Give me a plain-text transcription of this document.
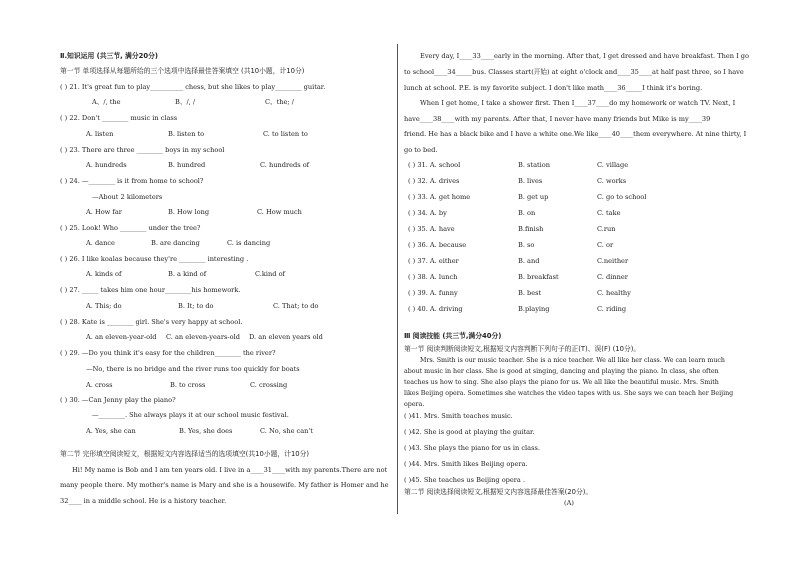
Ⅱ.知识运用 (共三节, 满分20分)
第一节 单项选择从每题所给的三个选项中选择最佳答案填空 (共10小题，计10分)
( ) 21. It's great fun to play__________ chess, but she likes to play________ guitar.
A、/, the	B、/, /	C、the; /
( ) 22. Don't ________ music in class
A. listen	B. listen to	C. to listen to
( ) 23. There are three ________ boys in my school
A. hundreds	B. hundred	C. hundreds of
( ) 24. —________ is it from home to school?
—About 2 kilometers
A. How far	B. How long	C. How much
( ) 25. Look! Who ________ under the tree?
A. dance	B. are dancing	C. is dancing
( ) 26. I like koalas because they're ________ interesting .
A. kinds of	B. a kind of	C.kind of
( ) 27. _____ takes him one hour________his homework.
A. This; do	B. It; to do	C. That; to do
( ) 28. Kate is ________ girl. She's very happy at school.
A. an eleven-year-old C. an eleven-years-old D. an eleven years old
( ) 29. —Do you think it's easy for the children________ the river?
—No, there is no bridge and the river runs too quickly for boats
A. cross	B. to cross	C. crossing
( ) 30. —Can Jenny play the piano?
—________. She always plays it at our school music festival.
A. Yes, she can	B. Yes, she does	C. No, she can't
第二节 完形填空阅读短文，根据短文内容选择适当的选项填空(共10小题，计10分)
Hi! My name is Bob and I am ten years old. I live in a____31____with my parents.There are not
many people there. My mother's name is Mary and she is a housewife. My father is Homer and he
32____ in a middle school. He is a history teacher.
Every day, I____33____early in the morning. After that, I get dressed and have breakfast. Then I go
to school____34_____bus. Classes start(开始) at eight o'clock and____35____at half past three, so I have
lunch at school. P.E. is my favorite subject. I don't like math____36_____I think it's boring.
When I get home, I take a shower first. Then I____37____do my homework or watch TV. Next, I
have____38____with my parents. After that, I never have many friends but Mike is my____39
friend. He has a black bike and I have a white one.We like____40____them everywhere. At nine thirty, I
go to bed.
( ) 31. A. school	B. station	C. village
( ) 32. A. drives	B. lives	C. works
( ) 33. A. get home	B. get up	C. go to school
( ) 34. A. by	B. on	C. take
( ) 35. A. have	B.finish	C.run
( ) 36. A. because	B. so	C. or
( ) 37. A. either	B. and	C.neither
( ) 38. A. lunch	B. breakfast	C. dinner
( ) 39. A. funny	B. best	C. healthy
( ) 40. A. driving	B.playing	C. riding
Ⅲ 阅读技能 (共三节,满分40分)
第一节 阅读判断阅读短文,根据短文内容判断下列句子的正(T)、误(F) (10分)。
Mrs. Smith is our music teacher. She is a nice teacher. We all like her class. We can learn much
about music in her class. She is good at singing, dancing and playing the piano. In class, she often
teaches us how to sing. She also plays the piano for us. We all like the beautiful music. Mrs. Smith
likes Beijing opera. Sometimes she watches the video tapes with us. She says we can teach her Beijing
opera.
( )41. Mrs. Smith teaches music.
( )42. She is good at playing the guitar.
( )43. She plays the piano for us in class.
( )44. Mrs. Smith likes Beijing opera.
( )45. She teaches us Beijing opera .
第二节 阅读选择阅读短文,根据短文内容选择最佳答案(20分)。
(A)
